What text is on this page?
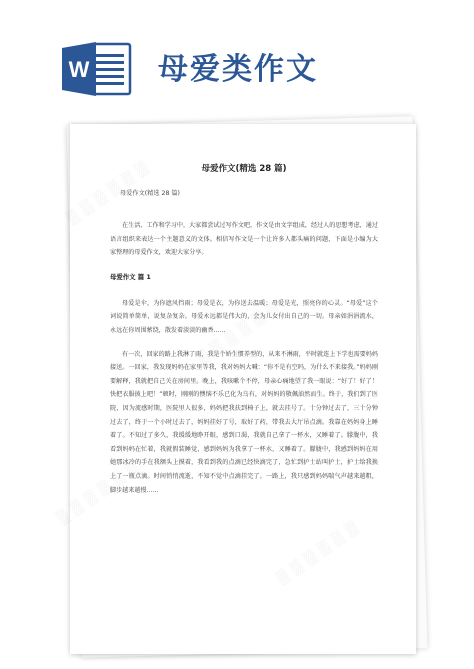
W 母爱类作文
母爱作文(精选 28 篇)
母爱作文(精选 28 篇)

在生活、工作和学习中，大家都尝试过写作文吧，作文是由文字组成，经过人的思想考虑，通过语言组织来表达一个主题意义的文体。相信写作文是一个让许多人都头痛的问题，下面是小编为大家整理的母爱作文，欢迎大家分享。

母爱作文 篇 1

母爱是伞，为你遮风挡雨；母爱是衣，为你送去温暖；母爱是光，照亮你的心灵。“母爱”这个词说简单简单，说复杂复杂。母爱永远都是伟大的，会为儿女付出自己的一切。母亲如涓涓流水，永远在你周围萦绕，散发着淡淡的幽香……

有一次，回家的路上我淋了雨，我是个娇生惯养型的，从来不淋雨，平时就连上下学也需要妈妈接送。一回家，我发现妈妈在家里等我，我对妈妈大喊：“你不是有空吗，为什么不来接我。”妈妈刚要解释，我就把自己关在房间里。晚上，我咳嗽个不停，母亲心痛地望了我一眼说：“好了！好了！快把衣服披上吧！”顿时，刚刚的懊恼不乐已化为乌有，对妈妈的敬佩油然而生。终于，我们到了医院，因为流感时期，医院里人很多，妈妈把我扶到椅子上，就去挂号了。十分钟过去了，三十分钟过去了，终于一个小时过去了，妈妈挂好了号，取好了药，带我去大厅吊点滴。我靠在妈妈身上睡着了。不知过了多久，我缓缓地睁开眼，感到口渴，我就自己拿了一杯水，又睡着了。朦胧中，我看到妈妈在忙着，我就假装睡觉，感到妈妈为我拿了一杯水，又睡着了。朦胧中，我感到妈妈在用她那冰冷的手在我额头上摸着，我看到我的点滴已经快滴完了，急忙到护士站叫护士，护士给我换上了一瓶点滴。时间悄悄流逝，不知不觉中点滴挂完了。一路上，我只感到妈妈喘气声越来越粗，脚步越来越慢……
